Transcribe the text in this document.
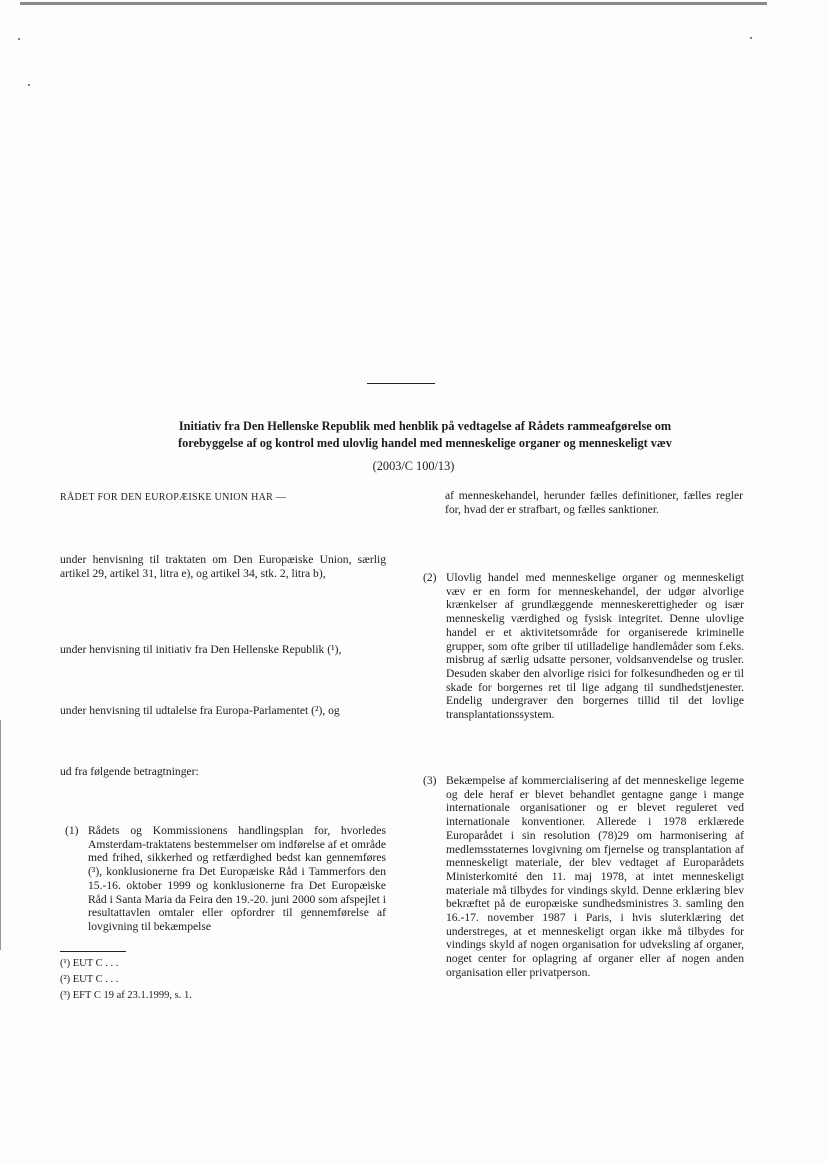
Initiativ fra Den Hellenske Republik med henblik på vedtagelse af Rådets rammeafgørelse om
forebyggelse af og kontrol med ulovlig handel med menneskelige organer og menneskeligt væv
(2003/C 100/13)

RÅDET FOR DEN EUROPÆISKE UNION HAR —

under henvisning til traktaten om Den Europæiske Union, særlig artikel 29, artikel 31, litra e), og artikel 34, stk. 2, litra b),

under henvisning til initiativ fra Den Hellenske Republik (¹),

under henvisning til udtalelse fra Europa-Parlamentet (²), og

ud fra følgende betragtninger:

(1) Rådets og Kommissionens handlingsplan for, hvorledes Amsterdam-traktatens bestemmelser om indførelse af et område med frihed, sikkerhed og retfærdighed bedst kan gennemføres (³), konklusionerne fra Det Europæiske Råd i Tammerfors den 15.-16. oktober 1999 og konklusionerne fra Det Europæiske Råd i Santa Maria da Feira den 19.-20. juni 2000 som afspejlet i resultattavlen omtaler eller opfordrer til gennemførelse af lovgivning til bekæmpelse
(¹) EUT C . . .
(²) EUT C . . .
(³) EFT C 19 af 23.1.1999, s. 1.

af menneskehandel, herunder fælles definitioner, fælles regler for, hvad der er strafbart, og fælles sanktioner.

(2) Ulovlig handel med menneskelige organer og menneskeligt væv er en form for menneskehandel, der udgør alvorlige krænkelser af grundlæggende menneskerettigheder og især menneskelig værdighed og fysisk integritet. Denne ulovlige handel er et aktivitetsområde for organiserede kriminelle grupper, som ofte griber til utilladelige handlemåder som f.eks. misbrug af særlig udsatte personer, voldsanvendelse og trusler. Desuden skaber den alvorlige risici for folkesundheden og er til skade for borgernes ret til lige adgang til sundhedstjenester. Endelig undergraver den borgernes tillid til det lovlige transplantationssystem.
(3) Bekæmpelse af kommercialisering af det menneskelige legeme og dele heraf er blevet behandlet gentagne gange i mange internationale organisationer og er blevet reguleret ved internationale konventioner. Allerede i 1978 erklærede Europarådet i sin resolution (78)29 om harmonisering af medlemsstaternes lovgivning om fjernelse og transplantation af menneskeligt materiale, der blev vedtaget af Europarådets Ministerkomité den 11. maj 1978, at intet menneskeligt materiale må tilbydes for vindings skyld. Denne erklæring blev bekræftet på de europæiske sundhedsministres 3. samling den 16.-17. november 1987 i Paris, i hvis sluterklæring det understreges, at et menneskeligt organ ikke må tilbydes for vindings skyld af nogen organisation for udveksling af organer, noget center for oplagring af organer eller af nogen anden organisation eller privatperson.
